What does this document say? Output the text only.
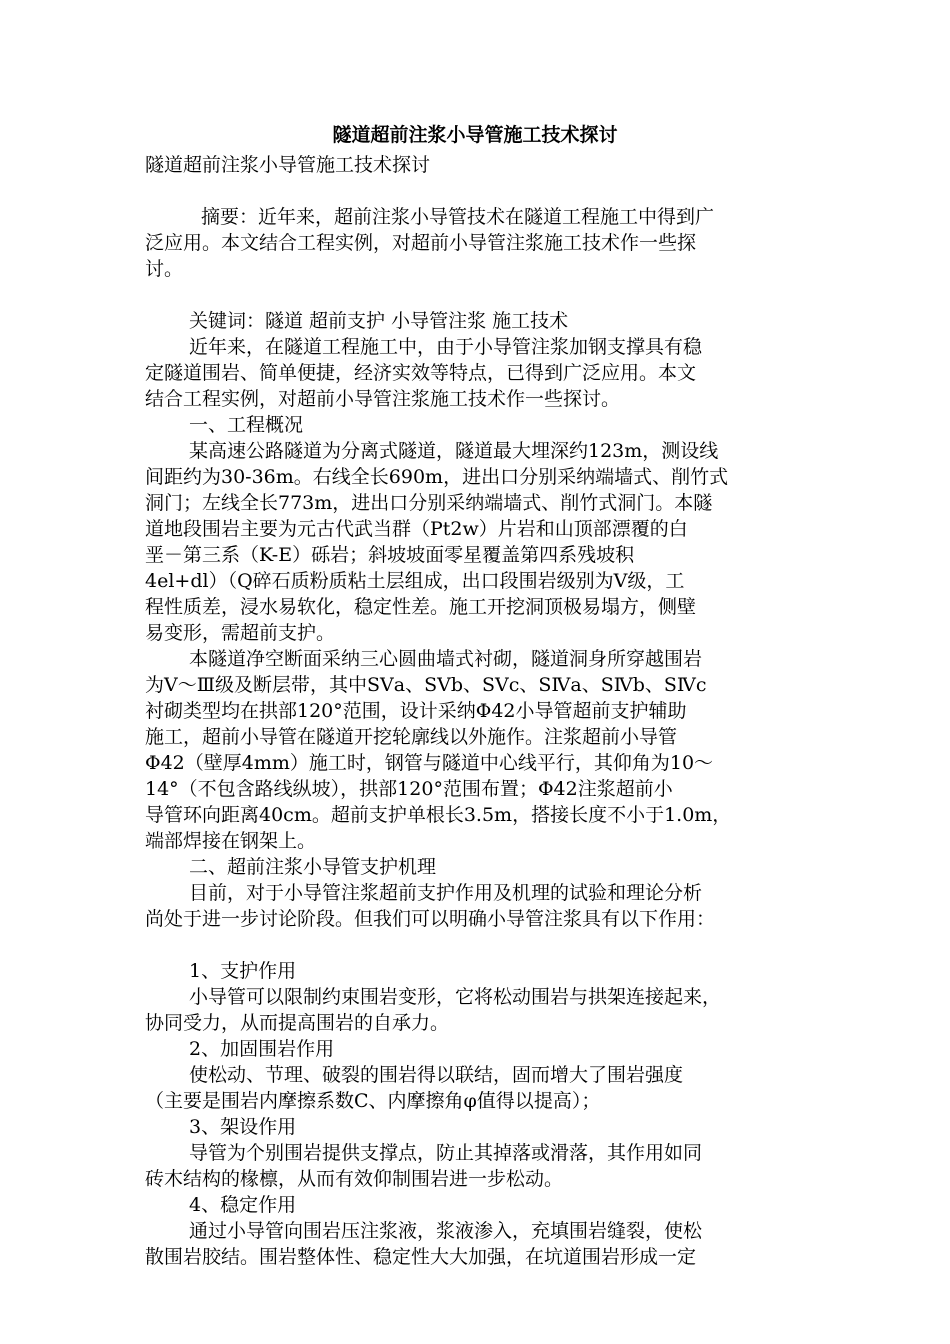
隧道超前注浆小导管施工技术探讨
隧道超前注浆小导管施工技术探讨
摘要：近年来，超前注浆小导管技术在隧道工程施工中得到广
泛应用。本文结合工程实例，对超前小导管注浆施工技术作一些探
讨。
关键词：隧道 超前支护 小导管注浆 施工技术
近年来，在隧道工程施工中，由于小导管注浆加钢支撑具有稳
定隧道围岩、简单便捷，经济实效等特点，已得到广泛应用。本文
结合工程实例，对超前小导管注浆施工技术作一些探讨。
一、工程概况
某高速公路隧道为分离式隧道，隧道最大埋深约123m，测设线
间距约为30-36m。右线全长690m，进出口分别采纳端墙式、削竹式
洞门；左线全长773m，进出口分别采纳端墙式、削竹式洞门。本隧
道地段围岩主要为元古代武当群（Pt2w）片岩和山顶部漂覆的白
垩－第三系（K-E）砾岩；斜坡坡面零星覆盖第四系残坡积
4el+dl）（Q碎石质粉质粘土层组成，出口段围岩级别为Ⅴ级，工
程性质差，浸水易软化，稳定性差。施工开挖洞顶极易塌方，侧壁
易变形，需超前支护。
本隧道净空断面采纳三心圆曲墙式衬砌，隧道洞身所穿越围岩
为Ⅴ～Ⅲ级及断层带，其中SⅤa、SⅤb、SⅤc、SⅣa、SⅣb、SⅣc
衬砌类型均在拱部120°范围，设计采纳Φ42小导管超前支护辅助
施工，超前小导管在隧道开挖轮廓线以外施作。注浆超前小导管
Φ42（壁厚4mm）施工时，钢管与隧道中心线平行，其仰角为10～
14°（不包含路线纵坡），拱部120°范围布置；Φ42注浆超前小
导管环向距离40cm。超前支护单根长3.5m，搭接长度不小于1.0m，
端部焊接在钢架上。
二、超前注浆小导管支护机理
目前，对于小导管注浆超前支护作用及机理的试验和理论分析
尚处于进一步讨论阶段。但我们可以明确小导管注浆具有以下作用：
1、支护作用
小导管可以限制约束围岩变形，它将松动围岩与拱架连接起来，
协同受力，从而提高围岩的自承力。
2、加固围岩作用
使松动、节理、破裂的围岩得以联结，固而增大了围岩强度
（主要是围岩内摩擦系数C、内摩擦角φ值得以提高）；
3、架设作用
导管为个别围岩提供支撑点，防止其掉落或滑落，其作用如同
砖木结构的椽檩，从而有效仰制围岩进一步松动。
4、稳定作用
通过小导管向围岩压注浆液，浆液渗入，充填围岩缝裂，使松
散围岩胶结。围岩整体性、稳定性大大加强，在坑道围岩形成一定
